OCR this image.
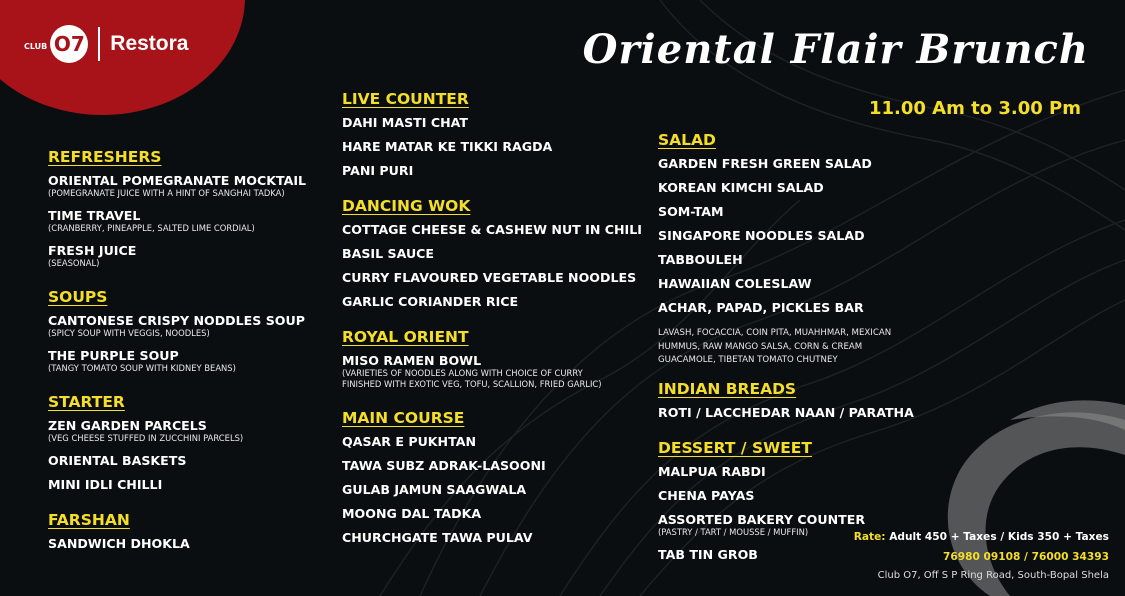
CLUB O7 Restora	Oriental Flair Brunch
11.00 Am to 3.00 Pm
REFRESHERS
ORIENTAL POMEGRANATE MOCKTAIL
(POMEGRANATE JUICE WITH A HINT OF SANGHAI TADKA)
TIME TRAVEL
(CRANBERRY, PINEAPPLE, SALTED LIME CORDIAL)
FRESH JUICE
(SEASONAL)
SOUPS
CANTONESE CRISPY NODDLES SOUP
(SPICY SOUP WITH VEGGIS, NOODLES)
THE PURPLE SOUP
(TANGY TOMATO SOUP WITH KIDNEY BEANS)
STARTER
ZEN GARDEN PARCELS
(VEG CHEESE STUFFED IN ZUCCHINI PARCELS)
ORIENTAL BASKETS
MINI IDLI CHILLI
FARSHAN
SANDWICH DHOKLA
LIVE COUNTER
DAHI MASTI CHAT
HARE MATAR KE TIKKI RAGDA
PANI PURI
DANCING WOK
COTTAGE CHEESE & CASHEW NUT IN CHILI
BASIL SAUCE
CURRY FLAVOURED VEGETABLE NOODLES
GARLIC CORIANDER RICE
ROYAL ORIENT
MISO RAMEN BOWL
(VARIETIES OF NOODLES ALONG WITH CHOICE OF CURRY
FINISHED WITH EXOTIC VEG, TOFU, SCALLION, FRIED GARLIC)
MAIN COURSE
QASAR E PUKHTAN
TAWA SUBZ ADRAK-LASOONI
GULAB JAMUN SAAGWALA
MOONG DAL TADKA
CHURCHGATE TAWA PULAV
SALAD
GARDEN FRESH GREEN SALAD
KOREAN KIMCHI SALAD
SOM-TAM
SINGAPORE NOODLES SALAD
TABBOULEH
HAWAIIAN COLESLAW
ACHAR, PAPAD, PICKLES BAR
LAVASH, FOCACCIA, COIN PITA, MUAHHMAR, MEXICAN
HUMMUS, RAW MANGO SALSA, CORN & CREAM
GUACAMOLE, TIBETAN TOMATO CHUTNEY
INDIAN BREADS
ROTI / LACCHEDAR NAAN / PARATHA
DESSERT / SWEET
MALPUA RABDI
CHENA PAYAS
ASSORTED BAKERY COUNTER
(PASTRY / TART / MOUSSE / MUFFIN)
TAB TIN GROB
Rate: Adult 450 + Taxes / Kids 350 + Taxes
76980 09108 / 76000 34393
Club O7, Off S P Ring Road, South-Bopal Shela
